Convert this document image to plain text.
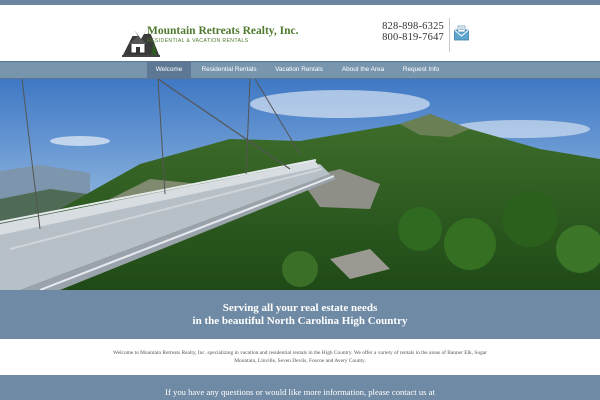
Mountain Retreats Realty, Inc.
RESIDENTIAL & VACATION RENTALS
828-898-6325
800-819-7647
Welcome	Residential Rentals	Vacation Rentals	About the Area	Request Info
Serving all your real estate needs
in the beautiful North Carolina High Country
Welcome to Mountain Retreats Realty, Inc. specializing in vacation and residential rentals in the High Country. We offer a variety of rentals in the areas of Banner Elk, Sugar Mountain, Linville, Seven Devils, Foscoe and Avery County.
If you have any questions or would like more information, please contact us at
